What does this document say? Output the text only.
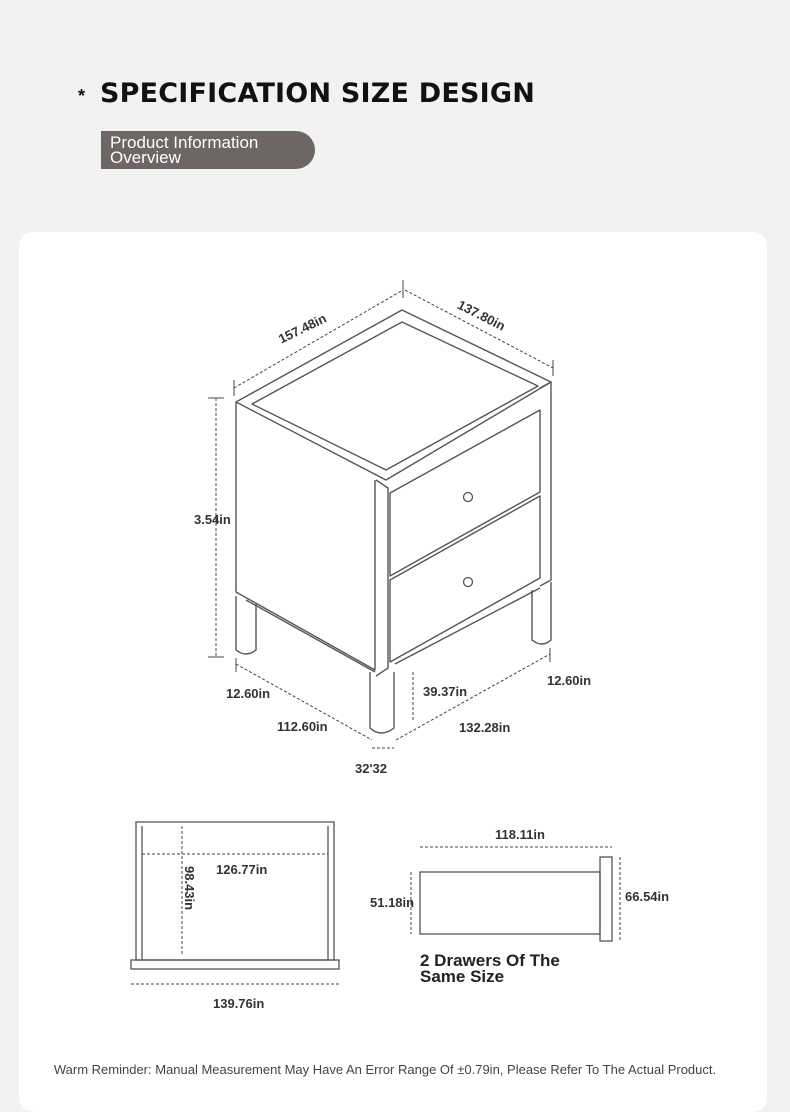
* SPECIFICATION SIZE DESIGN
Product Information
Overview
157.48in	137.80in
3.54in
12.60in
112.60in
39.37in
12.60in
132.28in
32'32
98.43in 126.77in
139.76in
118.11in
51.18in	66.54in
2 Drawers Of The
Same Size
Warm Reminder: Manual Measurement May Have An Error Range Of ±0.79in, Please Refer To The Actual Product.
